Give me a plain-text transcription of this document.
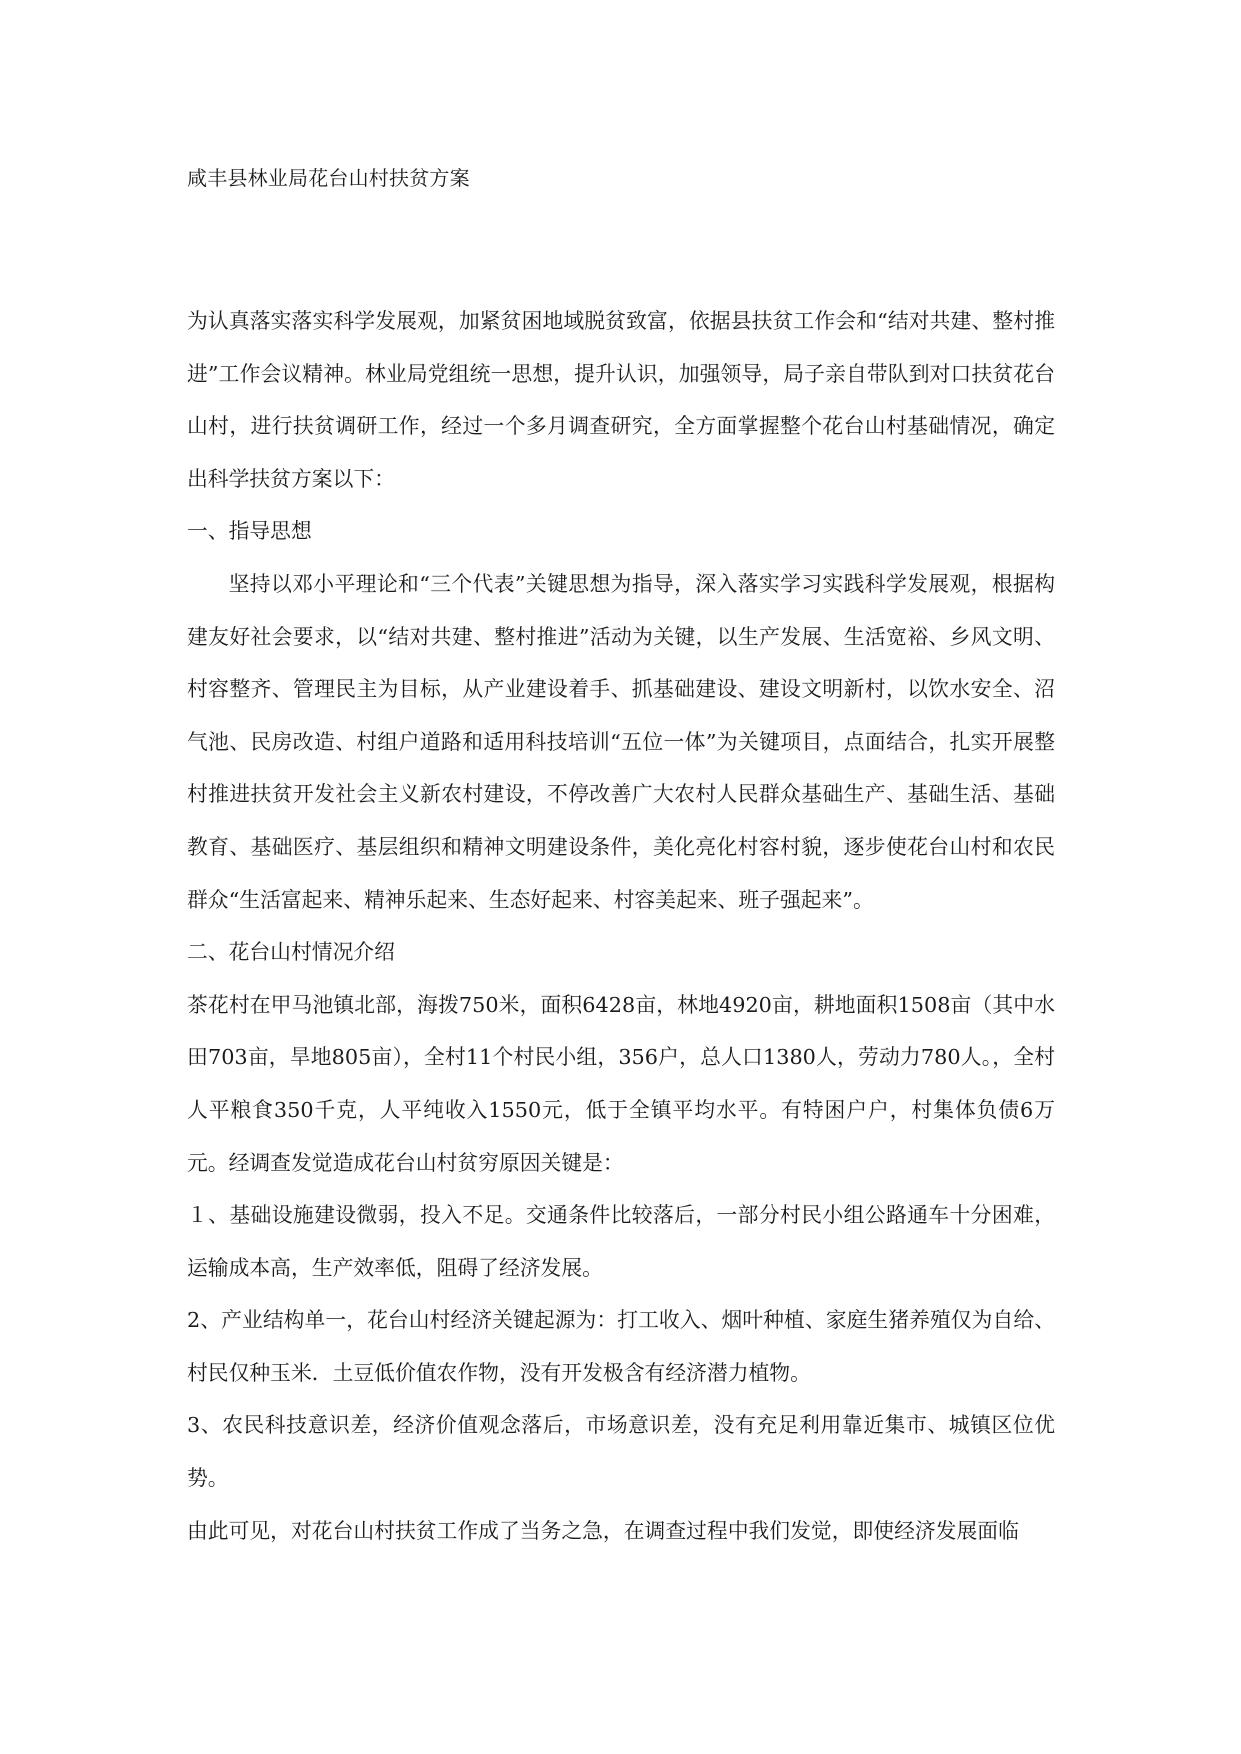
咸丰县林业局花台山村扶贫方案

为认真落实落实科学发展观，加紧贫困地域脱贫致富，依据县扶贫工作会和“结对共建、整村推进”工作会议精神。林业局党组统一思想，提升认识，加强领导，局子亲自带队到对口扶贫花台山村，进行扶贫调研工作，经过一个多月调查研究，全方面掌握整个花台山村基础情况，确定出科学扶贫方案以下：

一、指导思想

坚持以邓小平理论和“三个代表”关键思想为指导，深入落实学习实践科学发展观，根据构建友好社会要求，以“结对共建、整村推进”活动为关键，以生产发展、生活宽裕、乡风文明、村容整齐、管理民主为目标，从产业建设着手、抓基础建设、建设文明新村，以饮水安全、沼气池、民房改造、村组户道路和适用科技培训“五位一体”为关键项目，点面结合，扎实开展整村推进扶贫开发社会主义新农村建设，不停改善广大农村人民群众基础生产、基础生活、基础教育、基础医疗、基层组织和精神文明建设条件，美化亮化村容村貌，逐步使花台山村和农民群众“生活富起来、精神乐起来、生态好起来、村容美起来、班子强起来”。

二、花台山村情况介绍

茶花村在甲马池镇北部，海拨750米，面积6428亩，林地4920亩，耕地面积1508亩（其中水田703亩，旱地805亩），全村11个村民小组，356户，总人口1380人，劳动力780人。，全村人平粮食350千克，人平纯收入1550元，低于全镇平均水平。有特困户户，村集体负债6万元。经调查发觉造成花台山村贫穷原因关键是：

１、基础设施建设微弱，投入不足。交通条件比较落后，一部分村民小组公路通车十分困难，运输成本高，生产效率低，阻碍了经济发展。

2、产业结构单一，花台山村经济关键起源为：打工收入、烟叶种植、家庭生猪养殖仅为自给、村民仅种玉米．土豆低价值农作物，没有开发极含有经济潜力植物。

3、农民科技意识差，经济价值观念落后，市场意识差，没有充足利用靠近集市、城镇区位优势。

由此可见，对花台山村扶贫工作成了当务之急，在调查过程中我们发觉，即使经济发展面临
